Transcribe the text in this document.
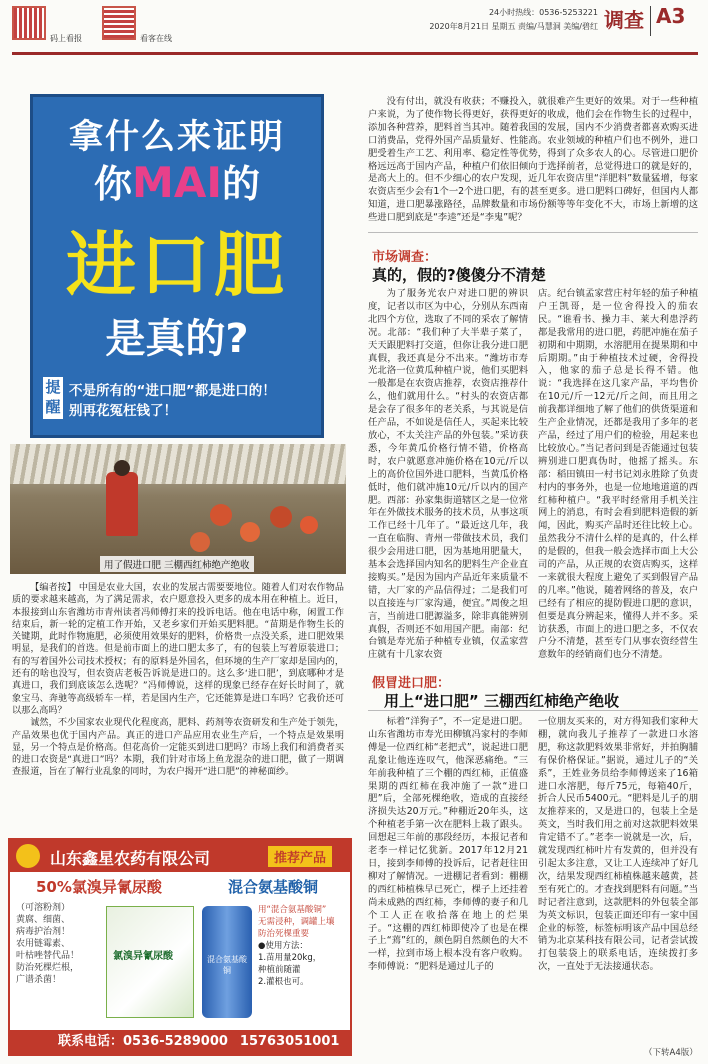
码上看报	看客在线
24小时热线：0536-5253221
2020年8月21日 星期五 责编/马慧洞 美编/碧红 调查 A3
拿什么来证明
你MAI的
进口肥
是真的?
提
醒
不是所有的“进口肥”都是进口的！
别再花冤枉钱了！
用了假进口肥 三棚西红柿绝产绝收

【编者按】 中国是农业大国，农业的发展古需要要地位。随着人们对农作物品质的要求越来越高，为了满足需求，农户愿意投入更多的成本用在种植上。近日，本报接到山东省潍坊市青州读者冯师傅打来的投诉电话。他在电话中称，闲置工作结束后，新一轮的定植工作开始，又老乡家们开始买肥料肥。“苗期是作物生长的关键期，此时作物施肥，必须使用效果好的肥料，价格贵一点没关系，进口肥效果明显，是我们的首选。但是前市面上的进口肥太多了，有的包装上写着原装进口；有的写着国外公司技术授权；有的原料是外国名，但环境的生产厂家却是国内的，还有的啥也没写，但农资店老板告诉说是进口的。这么多‘进口肥’，到底哪种才是真进口，我们到底该怎么选呢？”冯师傅说，这样的现象已经存在好长时间了，就象宝马、奔驰等高级轿车一样，若是国内生产，它还能算是进口车吗？它我价还可以那么高吗？

诚然，不少国家农业现代化程度高，肥料、药剂等农资研发和生产处于领先，产品效果也优于国内产品。真正的进口产品应用农业生产后，一个特点是效果明显，另一个特点是价格高。但花高价一定能买到进口肥吗？市场上我们和消费者买的进口农资是“真进口”吗？本期，我们针对市场上鱼龙混杂的进口肥，做了一期调查报道，旨在了解行业乱象的同时，为农户揭开“进口肥”的神秘面纱。

山东鑫星农药有限公司	推荐产品
50%氯溴异氰尿酸	混合氨基酸铜
（可溶粉剂）
黄腐、细菌、
病毒护治剂！
农用链霉素、
叶枯唑替代品！
防治死棵烂根，
广谱杀菌！
氯溴异氰尿酸	混合氨基酸铜
用“混合氨基酸铜”
无需浸种，调罐上壤
防治死棵重要
●使用方法：
1.苗用量20kg，
种植前随灌
2.灌根也可。
联系电话：0536-5289000 15763051001

没有付出，就没有收获；不赚投入，就很难产生更好的效果。对于一些种植户来说，为了使作物长得更好，获得更好的收成，他们会在作物生长的过程中，添加各种营养，肥料首当其冲。随着我国的发展，国内不少消费者都喜欢购买进口消费品，党得外国产品质量好、性能高。农业领域的种植户们也不例外，进口肥受着生产工艺、利用率、稳定性等优势，得到了众多农人的心。尽管进口肥价格远远高于国内产品，种植户们依旧倾向于选择前者，总觉得进口的就是好的，是高大上的。但不少细心的农户发现，近几年农资店里“洋肥料”数量猛增，每家农资店至少会有1个一2个进口肥，有的甚至更多。进口肥料口碑好，但国内人都知道，进口肥暴涨路径，品牌数量和市场份额等等年变化不大，市场上新增的这些进口肥到底是“李逵”还是“李鬼”呢？

市场调查：
真的，假的?傻傻分不清楚

为了服务光农户对进口肥的辨识度，记者以市区为中心，分别从东西南北四个方位，选取了不同的采农了解情况。北部：“我们种了大半辈子菜了，天天跟肥料打交道，但你让我分进口肥真假，我还真是分不出来。“潍坊市寿光北洛一位黄瓜种植户说，他们买肥料一般都是在农资店推荐，农资店推荐什么，他们就用什么。“村头的农资店都是会存了很多年的老关系，与其说是信任产品，不如说是信任人，买起来比较放心，不太关注产品的外包装。”采访获悉，今年黄瓜价格行情不错，价格高时，农户就愿意冲施价格在10元/斤以上的高价位国外进口肥料，当黄瓜价格低时，他们就冲施10元/斤以内的国产肥。西部：孙家集街道辖区之是一位常年在外做技术服务的技术员，从事这项工作已经十几年了。“最近这几年，我一直在临朐、青州一带做技术员，我们很少会用进口肥，因为基地用肥量大，基本会选择国内知名的肥料生产企业直接购买。”是因为国内产品近年来质量不错，大厂家的产品信得过；二是我们可以直接连与厂家沟通，便宜。”周俊之坦言，当前进口肥源溢多，除非真能辨别真假，否则还不如用国产肥。南部：纪台镇是寿光茄子种植专业镇，仅孟家营庄就有十几家农资

店。纪台镇孟家营庄村年轻的茄子种植户王凯哥，是一位舍得投入的茄农民。“谁看书、操力丰、莱大利患浮药都是我常用的进口肥，药肥冲施在茄子初期和中期期，水溶肥用在提果期和中后期期。”由于种植技术过硬，舍得投入，他家的茄子总是长得不错。他说：“我选择在这几家产品，平均售价在10元/斤一12元/斤之间，而且用之前我都详细地了解了他们的供货渠道和生产企业情况，还都是我用了多年的老产品，经过了用户们的检验，用起来也比较放心。”当记者问到是否能通过包装辨别进口肥真伪时，他摇了摇头。东部：稻田镇田一村书记刘永胜除了负责村内的事务外，也是一位地地道道的西红柿种植户。“我平时经常用手机关注网上的消息，有时会看到肥料造假的新闻，因此，购买产品时还往比较上心。虽然我分不清什么样的是真的，什么样的是假的，但我一般会选择市面上大公司的产品，从正规的农资店购买，这样一来就很大程度上避免了买到假冒产品的几率。”他说，随着网络的普及，农户已经有了相应的提防假进口肥的意识，但要是真分辨起来，懂得人并不多。采访获悉，市面上的进口肥之多，不仅农户分不清楚，甚至专门从事农资经营生意数年的经销商们也分不清楚。

假冒进口肥：
用上“进口肥” 三棚西红柿绝产绝收

标着“洋狗子”，不一定是进口肥。山东省潍坊市寿光田柳镇冯家村的李师傅是一位西红柿“老把式”，说起进口肥乱象让他连连叹气，他深恶痛绝。“三年前我种植了三个棚的西红柿，正值盛果期的西红柿在我冲施了一款“进口肥”后，全部死棵绝收，造成的直接经济损失达20万元。”种棚近20年头，这个种植老手第一次在肥料上栽了跟头。回想起三年前的那段经历，本报记者和老李一样记忆犹新。2017年12月21日，接到李师傅的投诉后，记者赶往田柳对了解情况。一进棚记者看到：棚棚的西红柿植株早已死亡，棵子上还挂着尚未成熟的西红柿，李师傅的妻子和几个工人正在收拾落在地上的烂果子。“这棚的西红柿即使冷了也是在棵子上“蔫”红的，颜色阴自然颜色的大不一样，拉到市场上根本没有客户收购。李师傅说：“肥料是通过儿子的

一位朋友买来的，对方得知我们家种大棚，就向我儿子推荐了一款进口水溶肥，称这款肥料效果非常好，并拍胸脯有保价格保证。”据说，通过儿子的“关系”，王姓业务员给李师傅送来了16箱进口水溶肥，每斤75元，每箱40斤，折合人民币5400元。“肥料是儿子的朋友推荐来的，又是进口的，包装上全是英文，当时我们用之前对这款肥料效果肯定错不了。”老李一说就是一次，后，就发现西红柿叶片有发黄的，但并没有引起太多注意，又让工人连续冲了好几次，结果发现西红柿植株越来越黄，甚至有死亡的。才查找到肥料有问题。”当时记者注意到，这款肥料的外包装全部为英文标识，包装正面还印有一家中国企业的标签，标签标明该产品中国总经销为北京某科技有限公司，记者尝试拨打包装袋上的联系电话，连续拨打多次，一直处于无法接通状态。

（下转A4版）
